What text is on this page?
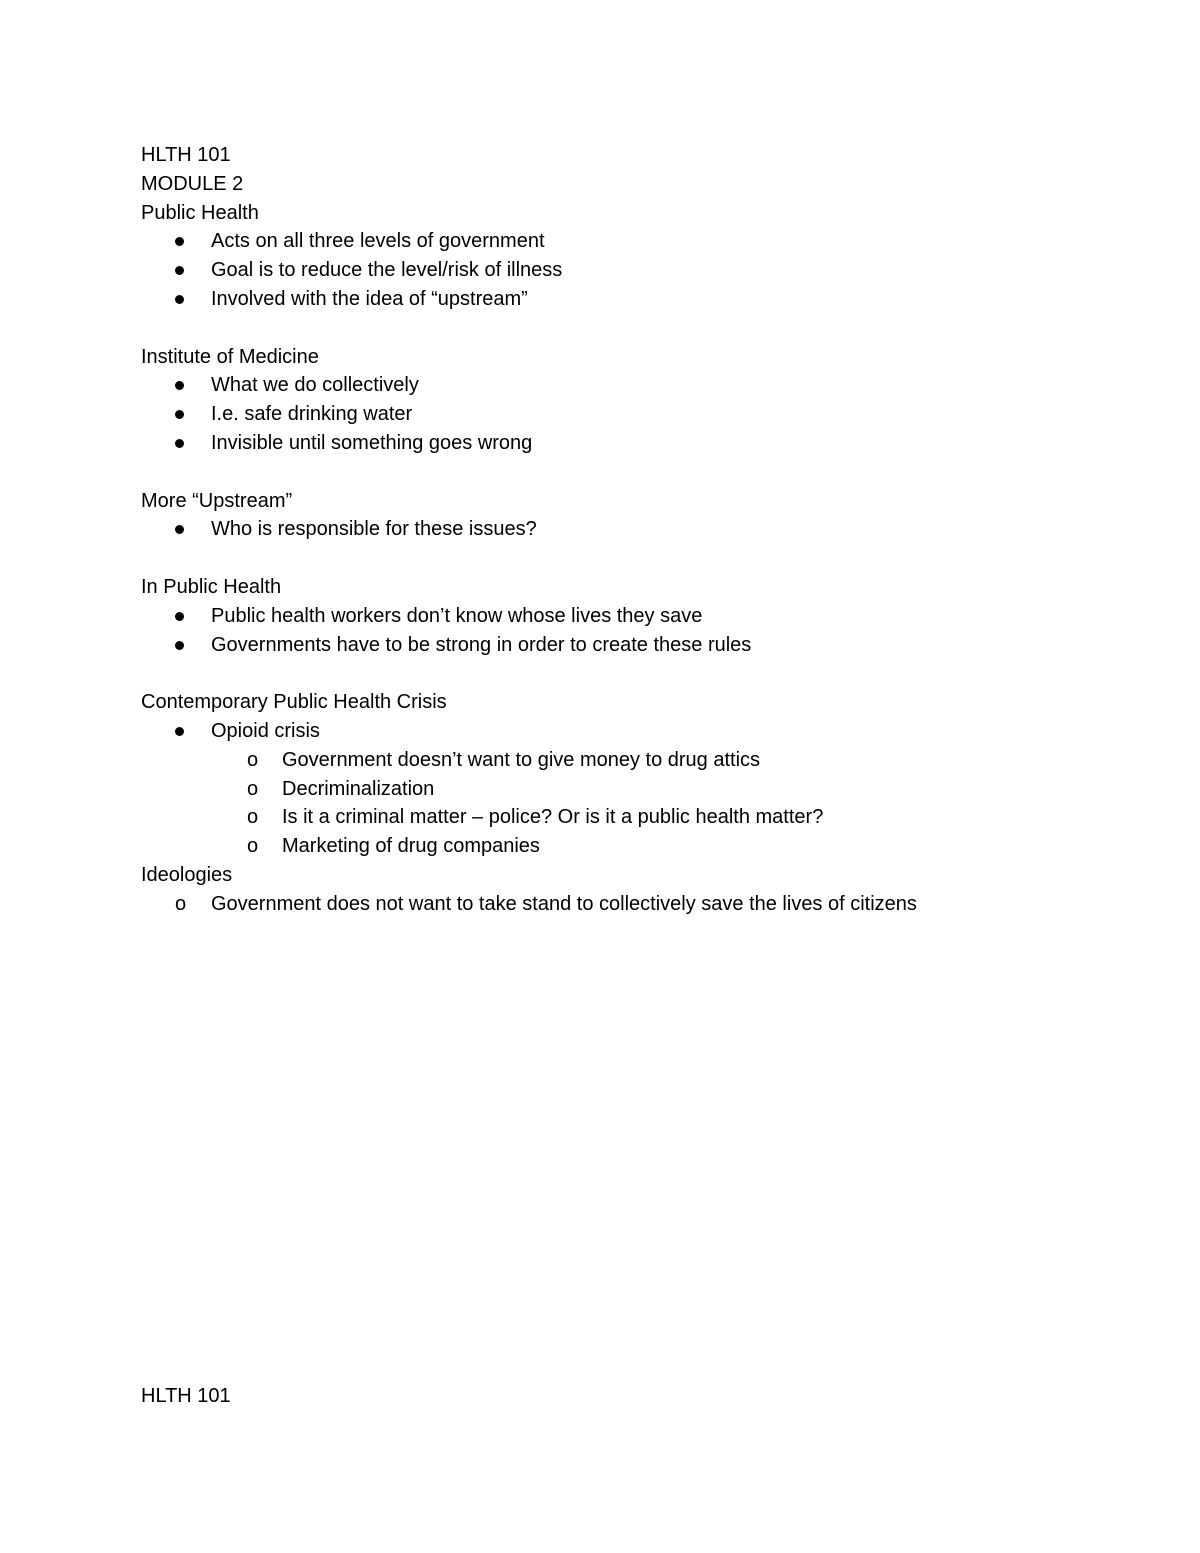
HLTH 101

MODULE 2

Public Health

Acts on all three levels of government
Goal is to reduce the level/risk of illness
Involved with the idea of “upstream”

Institute of Medicine

What we do collectively
I.e. safe drinking water
Invisible until something goes wrong

More “Upstream”

Who is responsible for these issues?

In Public Health

Public health workers don’t know whose lives they save
Governments have to be strong in order to create these rules

Contemporary Public Health Crisis

Opioid crisis
o Government doesn’t want to give money to drug attics
o Decriminalization
o Is it a criminal matter – police? Or is it a public health matter?
o Marketing of drug companies

Ideologies

o Government does not want to take stand to collectively save the lives of citizens
HLTH 101
